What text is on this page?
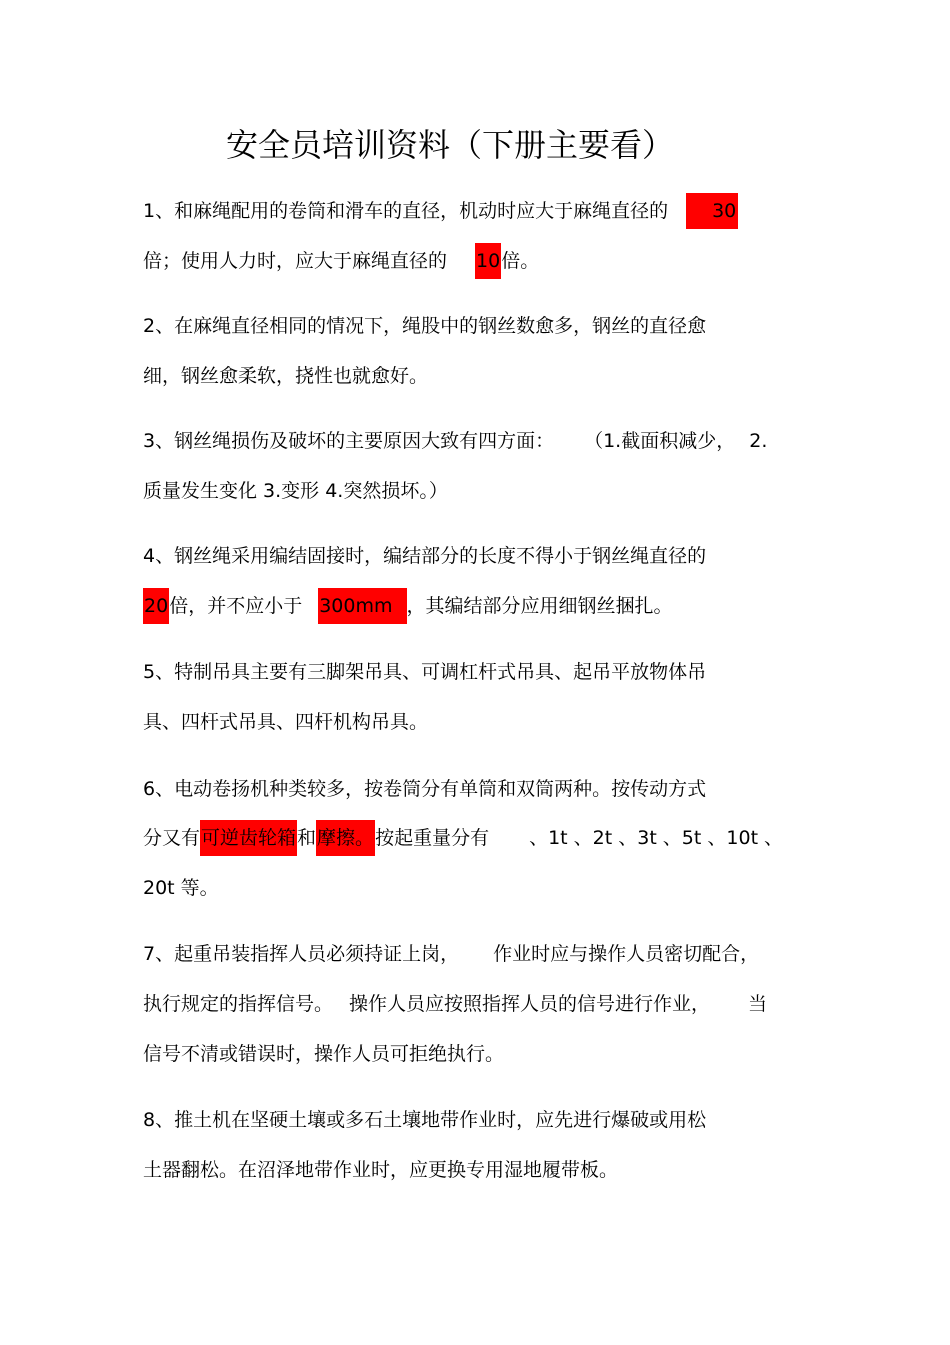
安全员培训资料（下册主要看）
1、和麻绳配用的卷筒和滑车的直径，机动时应大于麻绳直径的 30
倍；使用人力时，应大于麻绳直径的 10倍。
2、在麻绳直径相同的情况下，绳股中的钢丝数愈多，钢丝的直径愈
细，钢丝愈柔软，挠性也就愈好。
3、钢丝绳损伤及破坏的主要原因大致有四方面： （1.截面积减少， 2.
质量发生变化 3.变形 4.突然损坏。）
4、钢丝绳采用编结固接时，编结部分的长度不得小于钢丝绳直径的
20倍，并不应小于 300mm ，其编结部分应用细钢丝捆扎。
5、特制吊具主要有三脚架吊具、可调杠杆式吊具、起吊平放物体吊
具、四杆式吊具、四杆机构吊具。
6、电动卷扬机种类较多，按卷筒分有单筒和双筒两种。按传动方式
分又有可逆齿轮箱和摩擦。按起重量分有 、1t 、2t 、3t 、5t 、10t 、
20t 等。
7、起重吊装指挥人员必须持证上岗， 作业时应与操作人员密切配合，
执行规定的指挥信号。 操作人员应按照指挥人员的信号进行作业， 当
信号不清或错误时，操作人员可拒绝执行。
8、推土机在坚硬土壤或多石土壤地带作业时，应先进行爆破或用松
土器翻松。在沼泽地带作业时，应更换专用湿地履带板。
